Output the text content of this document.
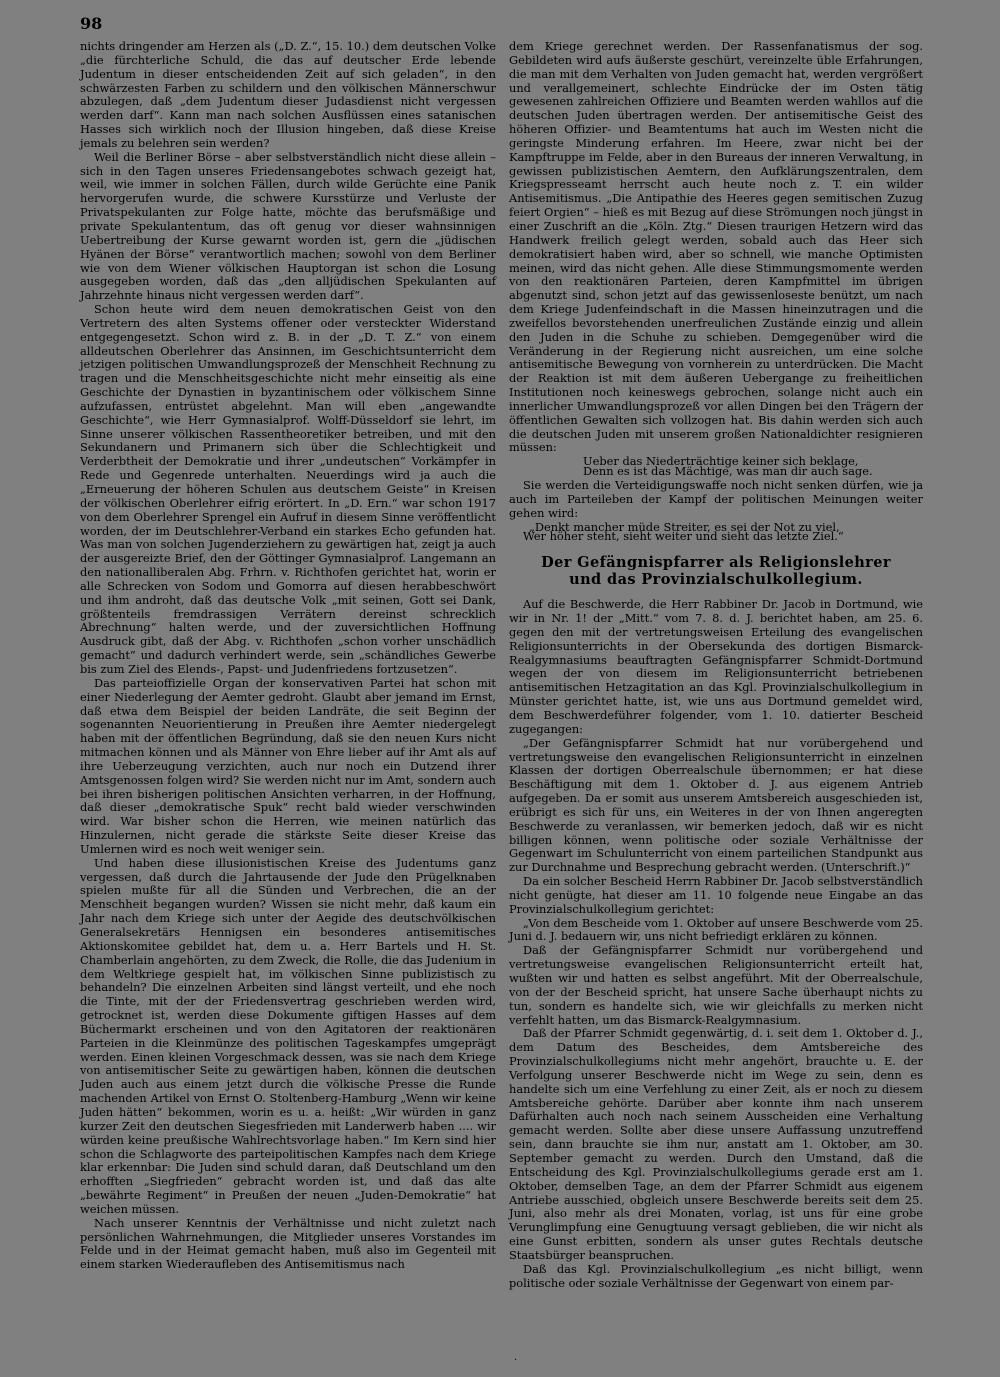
98

nichts dringender am Herzen als („D. Z.“, 15. 10.) dem deutschen Volke „die fürchterliche Schuld, die das auf deutscher Erde lebende Judentum in dieser entscheidenden Zeit auf sich geladen“, in den schwärzesten Farben zu schildern und den völkischen Männerschwur abzulegen, daß „dem Judentum dieser Judasdienst nicht vergessen werden darf“. Kann man nach solchen Ausflüssen eines satanischen Hasses sich wirklich noch der Illusion hingeben, daß diese Kreise jemals zu belehren sein werden?

Weil die Berliner Börse – aber selbstverständlich nicht diese allein – sich in den Tagen unseres Friedensangebotes schwach gezeigt hat, weil, wie immer in solchen Fällen, durch wilde Gerüchte eine Panik hervorgerufen wurde, die schwere Kursstürze und Verluste der Privatspekulanten zur Folge hatte, möchte das berufsmäßige und private Spekulantentum, das oft genug vor dieser wahnsinnigen Uebertreibung der Kurse gewarnt worden ist, gern die „jüdischen Hyänen der Börse“ verantwortlich machen; sowohl von dem Berliner wie von dem Wiener völkischen Hauptorgan ist schon die Losung ausgegeben worden, daß das „den alljüdischen Spekulanten auf Jahrzehnte hinaus nicht vergessen werden darf“.

Schon heute wird dem neuen demokratischen Geist von den Vertretern des alten Systems offener oder versteckter Widerstand entgegengesetzt. Schon wird z. B. in der „D. T. Z.“ von einem alldeutschen Oberlehrer das Ansinnen, im Geschichtsunterricht dem jetzigen politischen Umwandlungsprozeß der Menschheit Rechnung zu tragen und die Menschheitsgeschichte nicht mehr einseitig als eine Geschichte der Dynastien in byzantinischem oder völkischem Sinne aufzufassen, entrüstet abgelehnt. Man will eben „angewandte Geschichte“, wie Herr Gymnasialprof. Wolff-Düsseldorf sie lehrt, im Sinne unserer völkischen Rassentheoretiker betreiben, und mit den Sekundanern und Primanern sich über die Schlechtigkeit und Verderbtheit der Demokratie und ihrer „undeutschen“ Vorkämpfer in Rede und Gegenrede unterhalten. Neuerdings wird ja auch die „Erneuerung der höheren Schulen aus deutschem Geiste“ in Kreisen der völkischen Oberlehrer eifrig erörtert. In „D. Ern.“ war schon 1917 von dem Oberlehrer Sprengel ein Aufruf in diesem Sinne veröffentlicht worden, der im Deutschlehrer-Verband ein starkes Echo gefunden hat. Was man von solchen Jugenderziehern zu gewärtigen hat, zeigt ja auch der ausgereizte Brief, den der Göttinger Gymnasialprof. Langemann an den nationalliberalen Abg. Frhrn. v. Richthofen gerichtet hat, worin er alle Schrecken von Sodom und Gomorra auf diesen herabbeschwört und ihm androht, daß das deutsche Volk „mit seinen, Gott sei Dank, größtenteils fremdrassigen Verrätern dereinst schrecklich Abrechnung“ halten werde, und der zuversichtlichen Hoffnung Ausdruck gibt, daß der Abg. v. Richthofen „schon vorher unschädlich gemacht“ und dadurch verhindert werde, sein „schändliches Gewerbe bis zum Ziel des Elends-, Papst- und Judenfriedens fortzusetzen“.

Das parteioffizielle Organ der konservativen Partei hat schon mit einer Niederlegung der Aemter gedroht. Glaubt aber jemand im Ernst, daß etwa dem Beispiel der beiden Landräte, die seit Beginn der sogenannten Neuorientierung in Preußen ihre Aemter niedergelegt haben mit der öffentlichen Begründung, daß sie den neuen Kurs nicht mitmachen können und als Männer von Ehre lieber auf ihr Amt als auf ihre Ueberzeugung verzichten, auch nur noch ein Dutzend ihrer Amtsgenossen folgen wird? Sie werden nicht nur im Amt, sondern auch bei ihren bisherigen politischen Ansichten verharren, in der Hoffnung, daß dieser „demokratische Spuk“ recht bald wieder verschwinden wird. War bisher schon die Herren, wie meinen natürlich das Hinzulernen, nicht gerade die stärkste Seite dieser Kreise das Umlernen wird es noch weit weniger sein.

Und haben diese illusionistischen Kreise des Judentums ganz vergessen, daß durch die Jahrtausende der Jude den Prügelknaben spielen mußte für all die Sünden und Verbrechen, die an der Menschheit begangen wurden? Wissen sie nicht mehr, daß kaum ein Jahr nach dem Kriege sich unter der Aegide des deutschvölkischen Generalsekretärs Hennigsen ein besonderes antisemitisches Aktionskomitee gebildet hat, dem u. a. Herr Bartels und H. St. Chamberlain angehörten, zu dem Zweck, die Rolle, die das Judenium in dem Weltkriege gespielt hat, im völkischen Sinne publizistisch zu behandeln? Die einzelnen Arbeiten sind längst verteilt, und ehe noch die Tinte, mit der der Friedensvertrag geschrieben werden wird, getrocknet ist, werden diese Dokumente giftigen Hasses auf dem Büchermarkt erscheinen und von den Agitatoren der reaktionären Parteien in die Kleinmünze des politischen Tageskampfes umgeprägt werden. Einen kleinen Vorgeschmack dessen, was sie nach dem Kriege von antisemitischer Seite zu gewärtigen haben, können die deutschen Juden auch aus einem jetzt durch die völkische Presse die Runde machenden Artikel von Ernst O. Stoltenberg-Hamburg „Wenn wir keine Juden hätten“ bekommen, worin es u. a. heißt: „Wir würden in ganz kurzer Zeit den deutschen Siegesfrieden mit Landerwerb haben .... wir würden keine preußische Wahlrechtsvorlage haben.“ Im Kern sind hier schon die Schlagworte des parteipolitischen Kampfes nach dem Kriege klar erkennbar: Die Juden sind schuld daran, daß Deutschland um den erhofften „Siegfrieden“ gebracht worden ist, und daß das alte „bewährte Regiment“ in Preußen der neuen „Juden-Demokratie“ hat weichen müssen.

Nach unserer Kenntnis der Verhältnisse und nicht zuletzt nach persönlichen Wahrnehmungen, die Mitglieder unseres Vorstandes im Felde und in der Heimat gemacht haben, muß also im Gegenteil mit einem starken Wiederaufleben des Antisemitismus nach

dem Kriege gerechnet werden. Der Rassenfanatismus der sog. Gebildeten wird aufs äußerste geschürt, vereinzelte üble Erfahrungen, die man mit dem Verhalten von Juden gemacht hat, werden vergrößert und verallgemeinert, schlechte Eindrücke der im Osten tätig gewesenen zahlreichen Offiziere und Beamten werden wahllos auf die deutschen Juden übertragen werden. Der antisemitische Geist des höheren Offizier- und Beamtentums hat auch im Westen nicht die geringste Minderung erfahren. Im Heere, zwar nicht bei der Kampftruppe im Felde, aber in den Bureaus der inneren Verwaltung, in gewissen publizistischen Aemtern, den Aufklärungszentralen, dem Kriegspresseamt herrscht auch heute noch z. T. ein wilder Antisemitismus. „Die Antipathie des Heeres gegen semitischen Zuzug feiert Orgien“ – hieß es mit Bezug auf diese Strömungen noch jüngst in einer Zuschrift an die „Köln. Ztg.“ Diesen traurigen Hetzern wird das Handwerk freilich gelegt werden, sobald auch das Heer sich demokratisiert haben wird, aber so schnell, wie manche Optimisten meinen, wird das nicht gehen. Alle diese Stimmungsmomente werden von den reaktionären Parteien, deren Kampfmittel im übrigen abgenutzt sind, schon jetzt auf das gewissenloseste benützt, um nach dem Kriege Judenfeindschaft in die Massen hineinzutragen und die zweifellos bevorstehenden unerfreulichen Zustände einzig und allein den Juden in die Schuhe zu schieben. Demgegenüber wird die Veränderung in der Regierung nicht ausreichen, um eine solche antisemitische Bewegung von vornherein zu unterdrücken. Die Macht der Reaktion ist mit dem äußeren Uebergange zu freiheitlichen Institutionen noch keineswegs gebrochen, solange nicht auch ein innerlicher Umwandlungsprozeß vor allen Dingen bei den Trägern der öffentlichen Gewalten sich vollzogen hat. Bis dahin werden sich auch die deutschen Juden mit unserem großen Nationaldichter resignieren müssen:

Ueber das Niederträchtige keiner sich beklage,

Denn es ist das Mächtige, was man dir auch sage.

Sie werden die Verteidigungswaffe noch nicht senken dürfen, wie ja auch im Parteileben der Kampf der politischen Meinungen weiter gehen wird:

„Denkt mancher müde Streiter, es sei der Not zu viel,

Wer höher steht, sieht weiter und sieht das letzte Ziel.“

Der Gefängnispfarrer als Religionslehrer
und das Provinzialschulkollegium.

Auf die Beschwerde, die Herr Rabbiner Dr. Jacob in Dortmund, wie wir in Nr. 1! der „Mitt.“ vom 7. 8. d. J. berichtet haben, am 25. 6. gegen den mit der vertretungsweisen Erteilung des evangelischen Religionsunterrichts in der Obersekunda des dortigen Bismarck-Realgymnasiums beauftragten Gefängnispfarrer Schmidt-Dortmund wegen der von diesem im Religionsunterricht betriebenen antisemitischen Hetzagitation an das Kgl. Provinzialschulkollegium in Münster gerichtet hatte, ist, wie uns aus Dortmund gemeldet wird, dem Beschwerdeführer folgender, vom 1. 10. datierter Bescheid zugegangen:

„Der Gefängnispfarrer Schmidt hat nur vorübergehend und vertretungsweise den evangelischen Religionsunterricht in einzelnen Klassen der dortigen Oberrealschule übernommen; er hat diese Beschäftigung mit dem 1. Oktober d. J. aus eigenem Antrieb aufgegeben. Da er somit aus unserem Amtsbereich ausgeschieden ist, erübrigt es sich für uns, ein Weiteres in der von Ihnen angeregten Beschwerde zu veranlassen, wir bemerken jedoch, daß wir es nicht billigen können, wenn politische oder soziale Verhältnisse der Gegenwart im Schulunterricht von einem parteilichen Standpunkt aus zur Durchnahme und Besprechung gebracht werden. (Unterschrift.)“

Da ein solcher Bescheid Herrn Rabbiner Dr. Jacob selbstverständlich nicht genügte, hat dieser am 11. 10 folgende neue Eingabe an das Provinzialschulkollegium gerichtet:

„Von dem Bescheide vom 1. Oktober auf unsere Beschwerde vom 25. Juni d. J. bedauern wir, uns nicht befriedigt erklären zu können.

Daß der Gefängnispfarrer Schmidt nur vorübergehend und vertretungsweise evangelischen Religionsunterricht erteilt hat, wußten wir und hatten es selbst angeführt. Mit der Oberrealschule, von der der Bescheid spricht, hat unsere Sache überhaupt nichts zu tun, sondern es handelte sich, wie wir gleichfalls zu merken nicht verfehlt hatten, um das Bismarck-Realgymnasium.

Daß der Pfarrer Schmidt gegenwärtig, d. i. seit dem 1. Oktober d. J., dem Datum des Bescheides, dem Amtsbereiche des Provinzialschulkollegiums nicht mehr angehört, brauchte u. E. der Verfolgung unserer Beschwerde nicht im Wege zu sein, denn es handelte sich um eine Verfehlung zu einer Zeit, als er noch zu diesem Amtsbereiche gehörte. Darüber aber konnte ihm nach unserem Dafürhalten auch noch nach seinem Ausscheiden eine Verhaltung gemacht werden. Sollte aber diese unsere Auffassung unzutreffend sein, dann brauchte sie ihm nur, anstatt am 1. Oktober, am 30. September gemacht zu werden. Durch den Umstand, daß die Entscheidung des Kgl. Provinzialschulkollegiums gerade erst am 1. Oktober, demselben Tage, an dem der Pfarrer Schmidt aus eigenem Antriebe ausschied, obgleich unsere Beschwerde bereits seit dem 25. Juni, also mehr als drei Monaten, vorlag, ist uns für eine grobe Verunglimpfung eine Genugtuung versagt geblieben, die wir nicht als eine Gunst erbitten, sondern als unser gutes Rechtals deutsche Staatsbürger beanspruchen.

Daß das Kgl. Provinzialschulkollegium „es nicht billigt, wenn politische oder soziale Verhältnisse der Gegenwart von einem par-

.
